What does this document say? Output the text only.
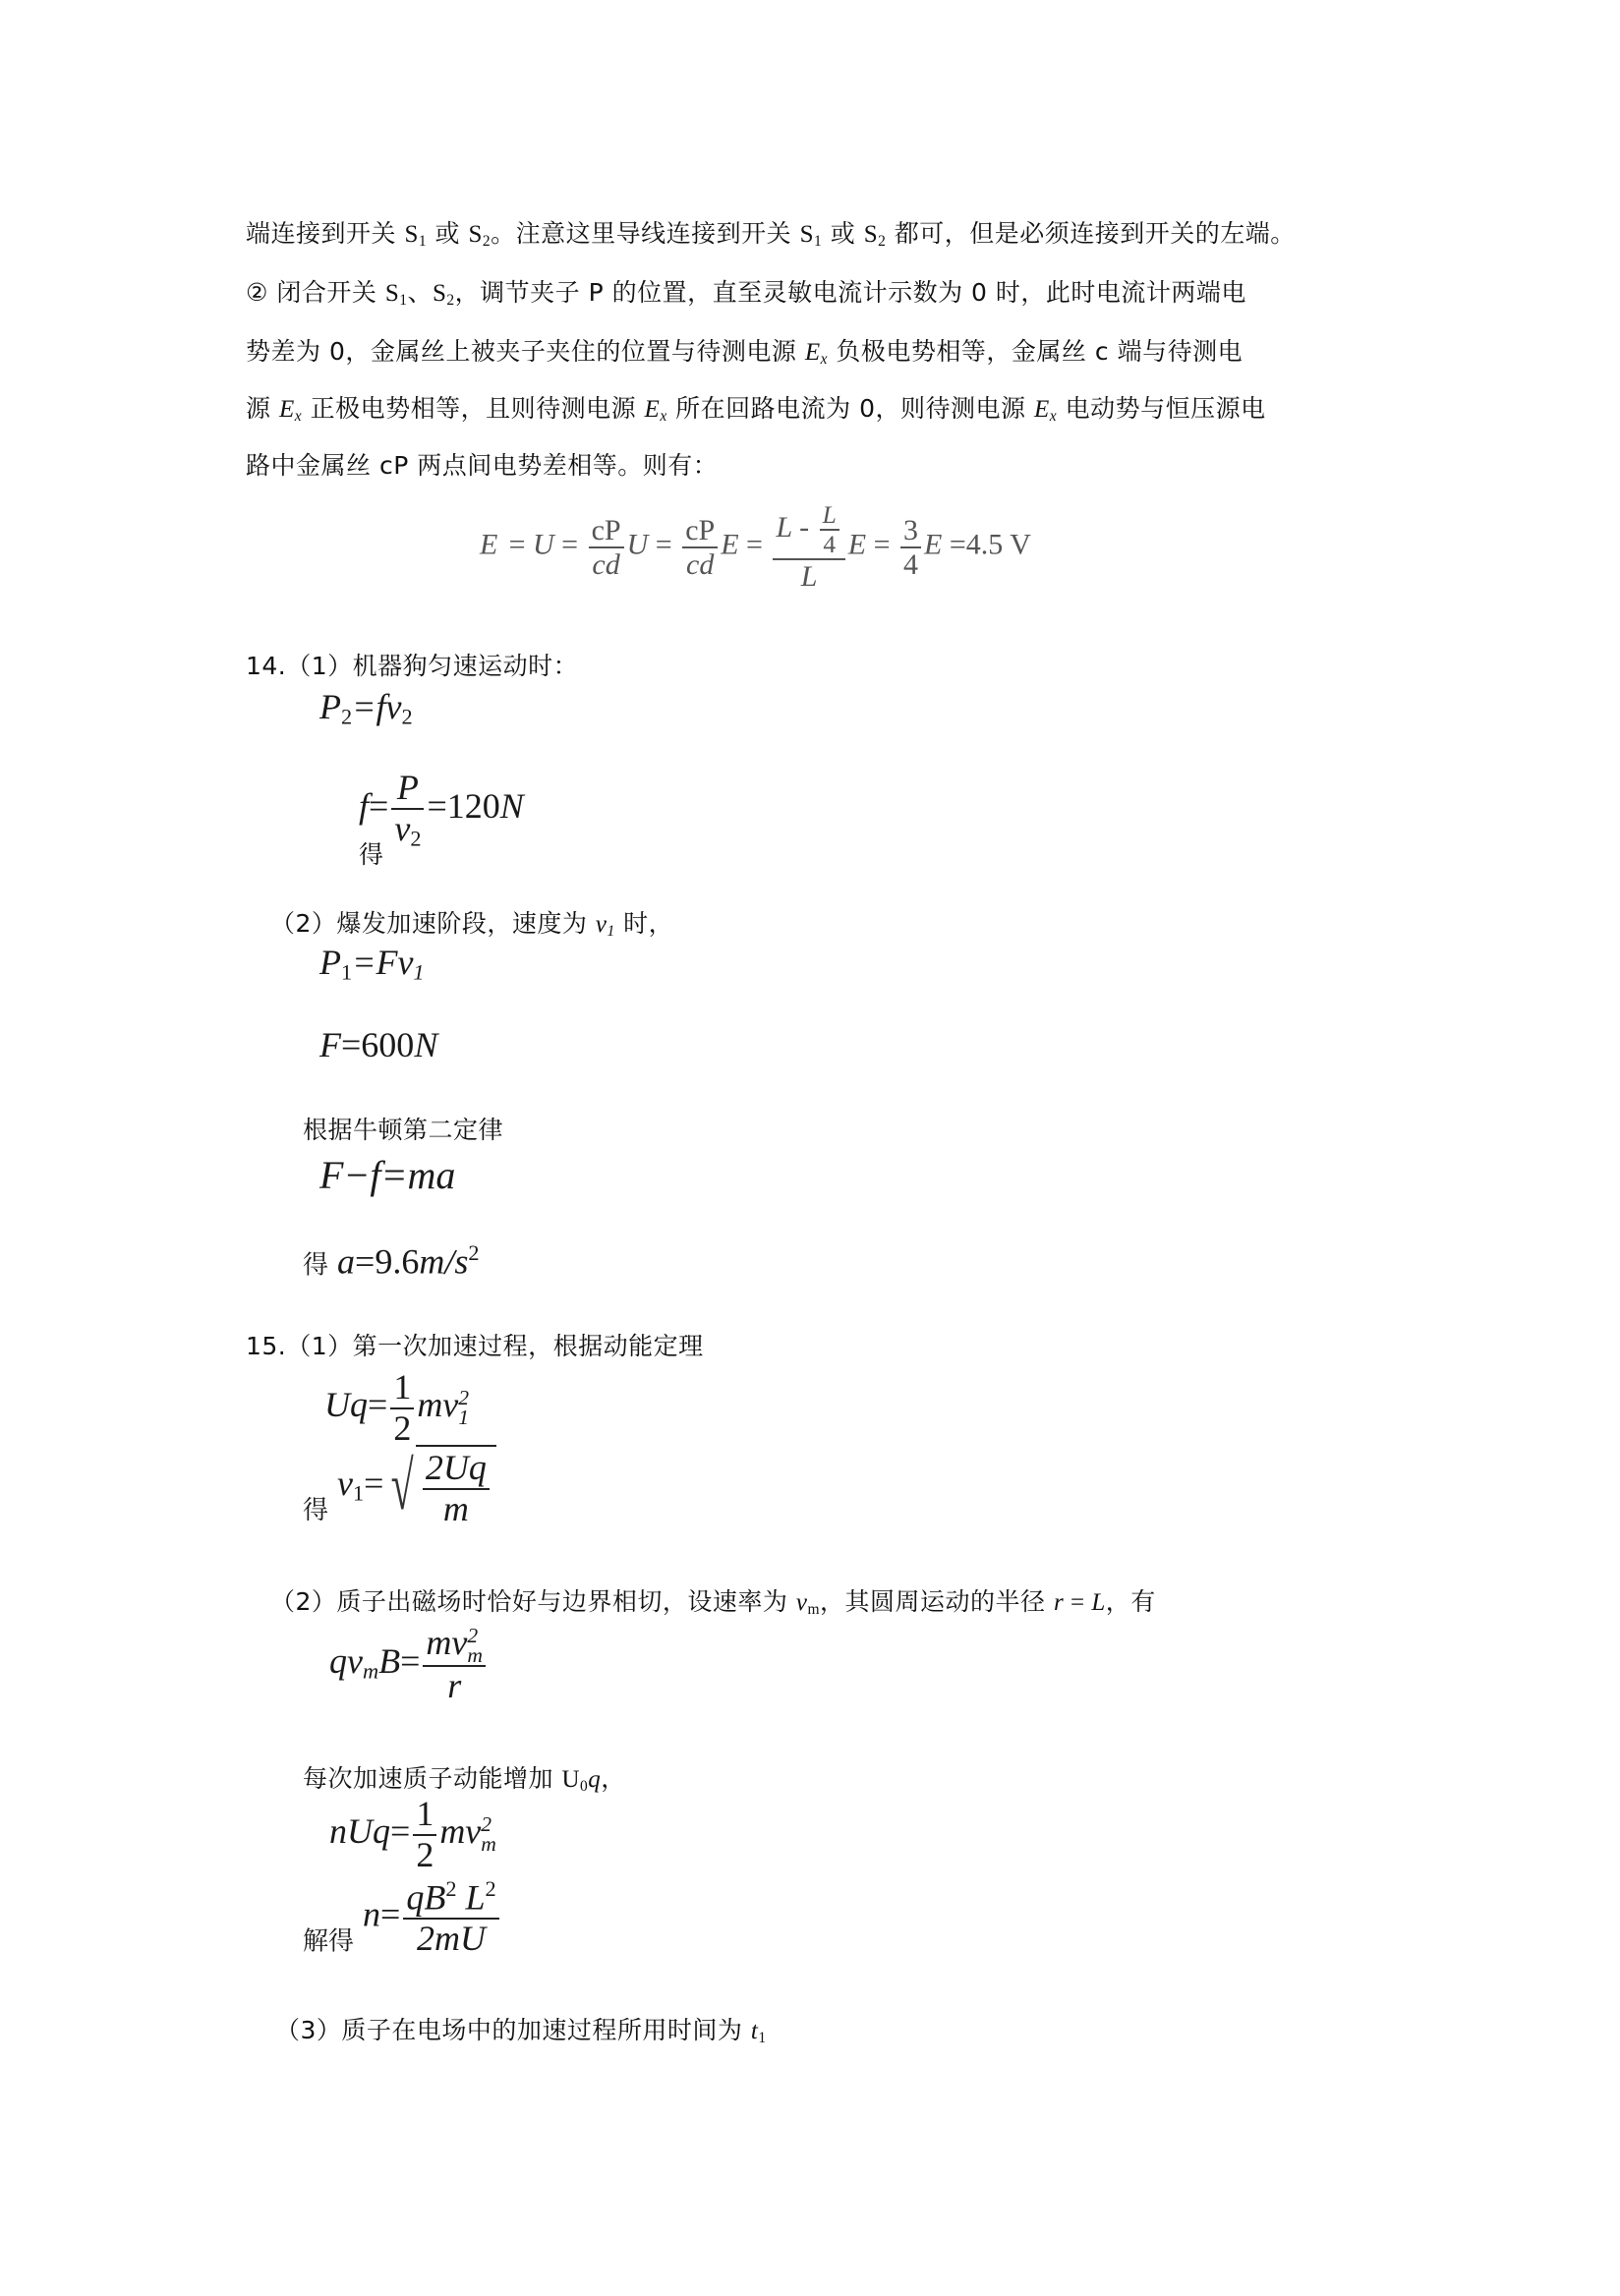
端连接到开关 $S_1$ 或 $S_2$。注意这里导线连接到开关 $S_1$ 或 $S_2$ 都可，但是必须连接到开关的左端。
② 闭合开关 $S_1$、$S_2$，调节夹子 P 的位置，直至灵敏电流计示数为 0 时，此时电流计两端电
势差为 0，金属丝上被夹子夹住的位置与待测电源 $E_x$ 负极电势相等，金属丝 c 端与待测电
源 $E_x$ 正极电势相等，且则待测电源 $E_x$ 所在回路电流为 0，则待测电源 $E_x$ 电动势与恒压源电
路中金属丝 cP 两点间电势差相等。则有：
$E = U = \frac{cP}{cd}$ $U = \frac{cP}{cd}$ $E = \frac{L - \frac{L}{4}}{L}$ $E = \frac{3}{4}$ E =4.5 V
14.（1）机器狗匀速运动时：
$P_2=fv_2$
$f= \frac{P}{v_2} =120N$
得
（2）爆发加速阶段，速度为 $v_1$ 时，
$P_1=Fv_1$
F=600N
根据牛顿第二定律
F−f=ma
得 $a=9.6m/s^2$
15.（1）第一次加速过程，根据动能定理
$Uq= \frac{1}{2}$ mv 2
1
$_得$ $v_1=$ √ $\frac{2Uq}{m}$
（2）质子出磁场时恰好与边界相切，设速率为 $v_m$，其圆周运动的半径 r = L，有
$qv_mB=$ mv 2
m
r
每次加速质子动能增加 $U_0q$，
$nUq= \frac{1}{2}$ mv 2
m
$_{解得}$ $n= \frac{qB^2 L^2}{2mU}$
（3）质子在电场中的加速过程所用时间为 $t_1$
